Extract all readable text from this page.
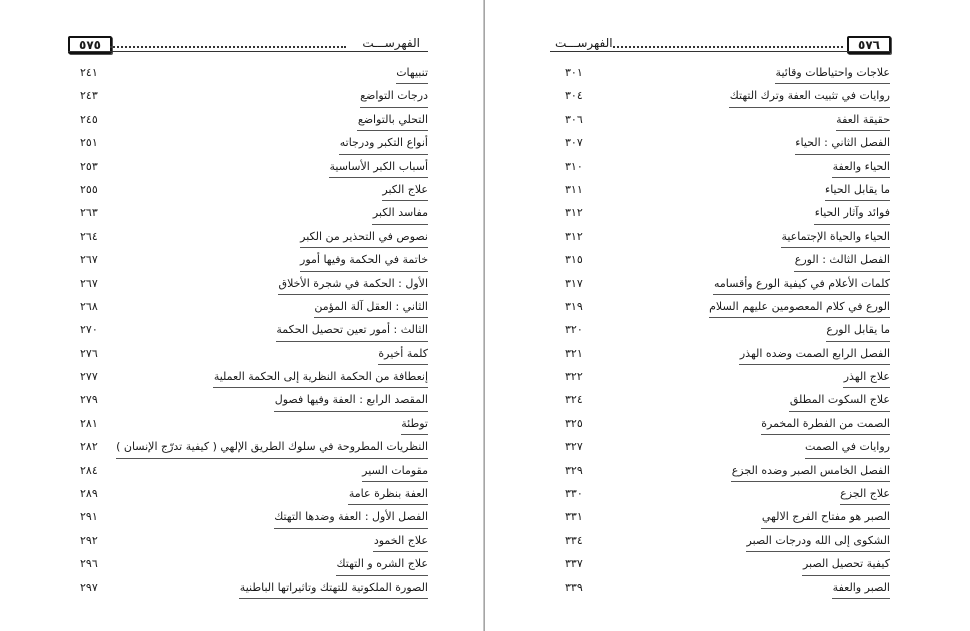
٥٧٥	الفهرســـت
تنبيهات
٢٤١
درجات التواضع
٢٤٣
التحلي بالتواضع
٢٤٥
أنواع التكبر ودرجاته
٢٥١
أسباب الكبر الأساسية
٢٥٣
علاج الكبر
٢٥٥
مفاسد الكبر
٢٦٣
نصوص في التحذير من الكبر
٢٦٤
خاتمة في الحكمة وفيها أمور
٢٦٧
الأول : الحكمة في شجرة الأخلاق
٢٦٧
الثاني : العقل آلة المؤمن
٢٦٨
الثالث : أمور تعين تحصيل الحكمة
٢٧٠
كلمة أخيرة
٢٧٦
إنعطافة من الحكمة النظرية إلى الحكمة العملية
٢٧٧
المقصد الرابع : العفة وفيها فصول
٢٧٩
توطئة
٢٨١
النظريات المطروحة في سلوك الطريق الإلهي ( كيفية تدرّج الإنسان )
٢٨٢
مقومات السير
٢٨٤
العفة بنظرة عامة
٢٨٩
الفصل الأول : العفة وضدها التهتك
٢٩١
علاج الخمود
٢٩٢
علاج الشره و التهتك
٢٩٦
الصورة الملكوتية للتهتك وتاثيراتها الباطنية
٢٩٧
الفهرســـت	٥٧٦
علاجات واحتياطات وقائية
٣٠١
روايات في تثبيت العفة وترك التهتك
٣٠٤
حقيقة العفة
٣٠٦
الفصل الثاني : الحياء
٣٠٧
الحياء والعفة
٣١٠
ما يقابل الحياء
٣١١
فوائد وآثار الحياء
٣١٢
الحياء والحياة الإجتماعية
٣١٢
الفصل الثالث : الورع
٣١٥
كلمات الأعلام في كيفية الورع وأقسامه
٣١٧
الورع في كلام المعصومين عليهم السلام
٣١٩
ما يقابل الورع
٣٢٠
الفصل الرابع الصمت وضده الهذر
٣٢١
علاج الهذر
٣٢٢
علاج السكوت المطلق
٣٢٤
الصمت من الفطرة المخمرة
٣٢٥
روايات في الصمت
٣٢٧
الفصل الخامس الصبر وضده الجزع
٣٢٩
علاج الجزع
٣٣٠
الصبر هو مفتاح الفرج الالهي
٣٣١
الشكوى إلى الله ودرجات الصبر
٣٣٤
كيفية تحصيل الصبر
٣٣٧
الصبر والعفة
٣٣٩
